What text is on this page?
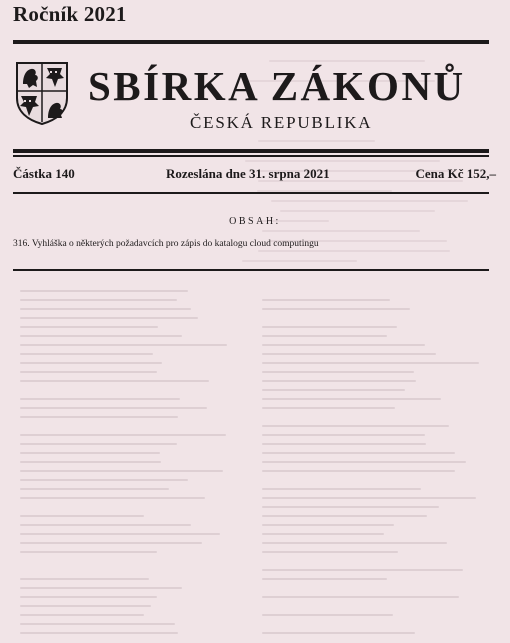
Ročník 2021
SBÍRKA ZÁKONŮ
ČESKÁ REPUBLIKA
Částka 140	Rozeslána dne 31. srpna 2021	Cena Kč 152,–
OBSAH:
316. Vyhláška o některých požadavcích pro zápis do katalogu cloud computingu
